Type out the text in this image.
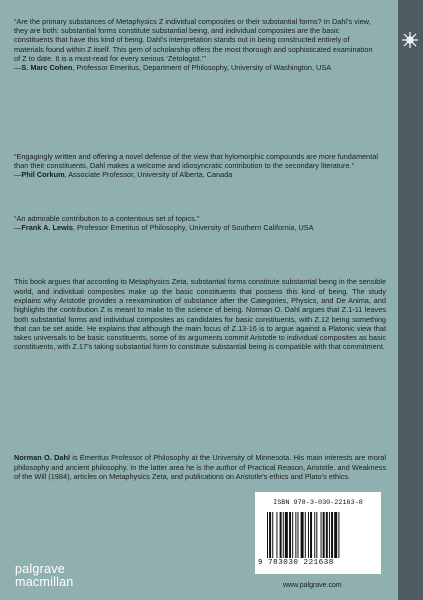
“Are the primary substances of Metaphysics Z individual composites or their substantial forms? In Dahl’s view, they are both: substantial forms constitute substantial being, and individual composites are the basic constituents that have this kind of being. Dahl’s interpretation stands out in being constructed entirely of materials found within Z itself. This gem of scholarship offers the most thorough and sophisticated examination of Z to date. It is a must-read for every serious ‘Zetologist.’”

—S. Marc Cohen, Professor Emeritus, Department of Philosophy, University of Washington, USA

“Engagingly written and offering a novel defense of the view that hylomorphic compounds are more fundamental than their constituents, Dahl makes a welcome and idiosyncratic contribution to the secondary literature.”

—Phil Corkum, Associate Professor, University of Alberta, Canada

“An admirable contribution to a contentious set of topics.”

—Frank A. Lewis, Professor Emeritus of Philosophy, University of Southern California, USA

This book argues that according to Metaphysics Zeta, substantial forms constitute substantial being in the sensible world, and individual composites make up the basic constituents that possess this kind of being. The study explains why Aristotle provides a reexamination of substance after the Categories, Physics, and De Anima, and highlights the contribution Z is meant to make to the science of being. Norman O. Dahl argues that Z.1-11 leaves both substantial forms and individual composites as candidates for basic constituents, with Z.12 being something that can be set aside. He explains that although the main focus of Z.13-16 is to argue against a Platonic view that takes universals to be basic constituents, some of its arguments commit Aristotle to individual composites as basic constituents, with Z.17’s taking substantial form to constitute substantial being is compatible with that commitment.

Norman O. Dahl is Emeritus Professor of Philosophy at the University of Minnesota. His main interests are moral philosophy and ancient philosophy. In the latter area he is the author of Practical Reason, Aristotle, and Weakness of the Will (1984), articles on Metaphysics Zeta, and publications on Aristotle’s ethics and Plato’s ethics.

ISBN 978-3-030-22163-8
9 783030 221638
www.palgrave.com
palgrave
macmillan
